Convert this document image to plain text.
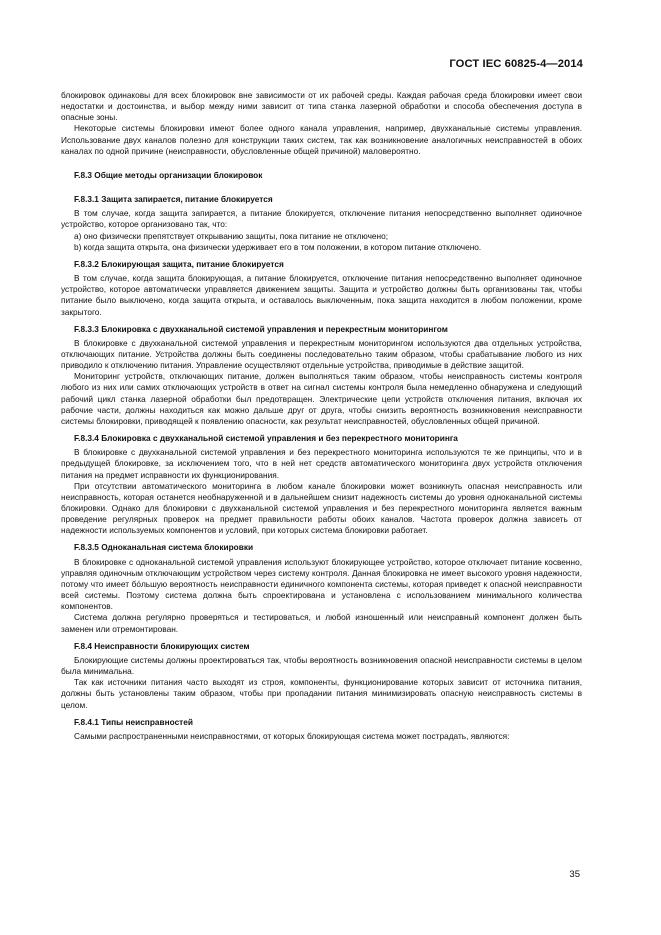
ГОСТ IEC 60825-4—2014

блокировок одинаковы для всех блокировок вне зависимости от их рабочей среды. Каждая рабочая среда блокировки имеет свои недостатки и достоинства, и выбор между ними зависит от типа станка лазерной обработки и способа обеспечения доступа в опасные зоны.

Некоторые системы блокировки имеют более одного канала управления, например, двухканальные системы управления. Использование двух каналов полезно для конструкции таких систем, так как возникновение аналогичных неисправностей в обоих каналах по одной причине (неисправности, обусловленные общей причиной) маловероятно.

F.8.3 Общие методы организации блокировок
F.8.3.1 Защита запирается, питание блокируется

В том случае, когда защита запирается, а питание блокируется, отключение питания непосредственно выполняет одиночное устройство, которое организовано так, что:

a) оно физически препятствует открыванию защиты, пока питание не отключено;

b) когда защита открыта, она физически удерживает его в том положении, в котором питание отключено.

F.8.3.2 Блокирующая защита, питание блокируется

В том случае, когда защита блокирующая, а питание блокируется, отключение питания непосредственно выполняет одиночное устройство, которое автоматически управляется движением защиты. Защита и устройство должны быть организованы так, чтобы питание было выключено, когда защита открыта, и оставалось выключенным, пока защита находится в любом положении, кроме закрытого.

F.8.3.3 Блокировка с двухканальной системой управления и перекрестным мониторингом

В блокировке с двухканальной системой управления и перекрестным мониторингом используются два отдельных устройства, отключающих питание. Устройства должны быть соединены последовательно таким образом, чтобы срабатывание любого из них приводило к отключению питания. Управление осуществляют отдельные устройства, приводимые в действие защитой.

Мониторинг устройств, отключающих питание, должен выполняться таким образом, чтобы неисправность системы контроля любого из них или самих отключающих устройств в ответ на сигнал системы контроля была немедленно обнаружена и следующий рабочий цикл станка лазерной обработки был предотвращен. Электрические цепи устройств отключения питания, включая их рабочие части, должны находиться как можно дальше друг от друга, чтобы снизить вероятность возникновения неисправности системы блокировки, приводящей к появлению опасности, как результат неисправностей, обусловленных общей причиной.

F.8.3.4 Блокировка с двухканальной системой управления и без перекрестного мониторинга

В блокировке с двухканальной системой управления и без перекрестного мониторинга используются те же принципы, что и в предыдущей блокировке, за исключением того, что в ней нет средств автоматического мониторинга двух устройств отключения питания на предмет исправности их функционирования.

При отсутствии автоматического мониторинга в любом канале блокировки может возникнуть опасная неисправность или неисправность, которая останется необнаруженной и в дальнейшем снизит надежность системы до уровня одноканальной системы блокировки. Однако для блокировки с двухканальной системой управления и без перекрестного мониторинга является важным проведение регулярных проверок на предмет правильности работы обоих каналов. Частота проверок должна зависеть от надежности используемых компонентов и условий, при которых система блокировки работает.

F.8.3.5 Одноканальная система блокировки

В блокировке с одноканальной системой управления используют блокирующее устройство, которое отключает питание косвенно, управляя одиночным отключающим устройством через систему контроля. Данная блокировка не имеет высокого уровня надежности, потому что имеет бо́льшую вероятность неисправности единичного компонента системы, которая приведет к опасной неисправности всей системы. Поэтому система должна быть спроектирована и установлена с использованием минимального количества компонентов.

Система должна регулярно проверяться и тестироваться, и любой изношенный или неисправный компонент должен быть заменен или отремонтирован.

F.8.4 Неисправности блокирующих систем

Блокирующие системы должны проектироваться так, чтобы вероятность возникновения опасной неисправности системы в целом была минимальна.

Так как источники питания часто выходят из строя, компоненты, функционирование которых зависит от источника питания, должны быть установлены таким образом, чтобы при пропадании питания минимизировать опасную неисправность системы в целом.

F.8.4.1 Типы неисправностей

Самыми распространенными неисправностями, от которых блокирующая система может пострадать, являются:

35
